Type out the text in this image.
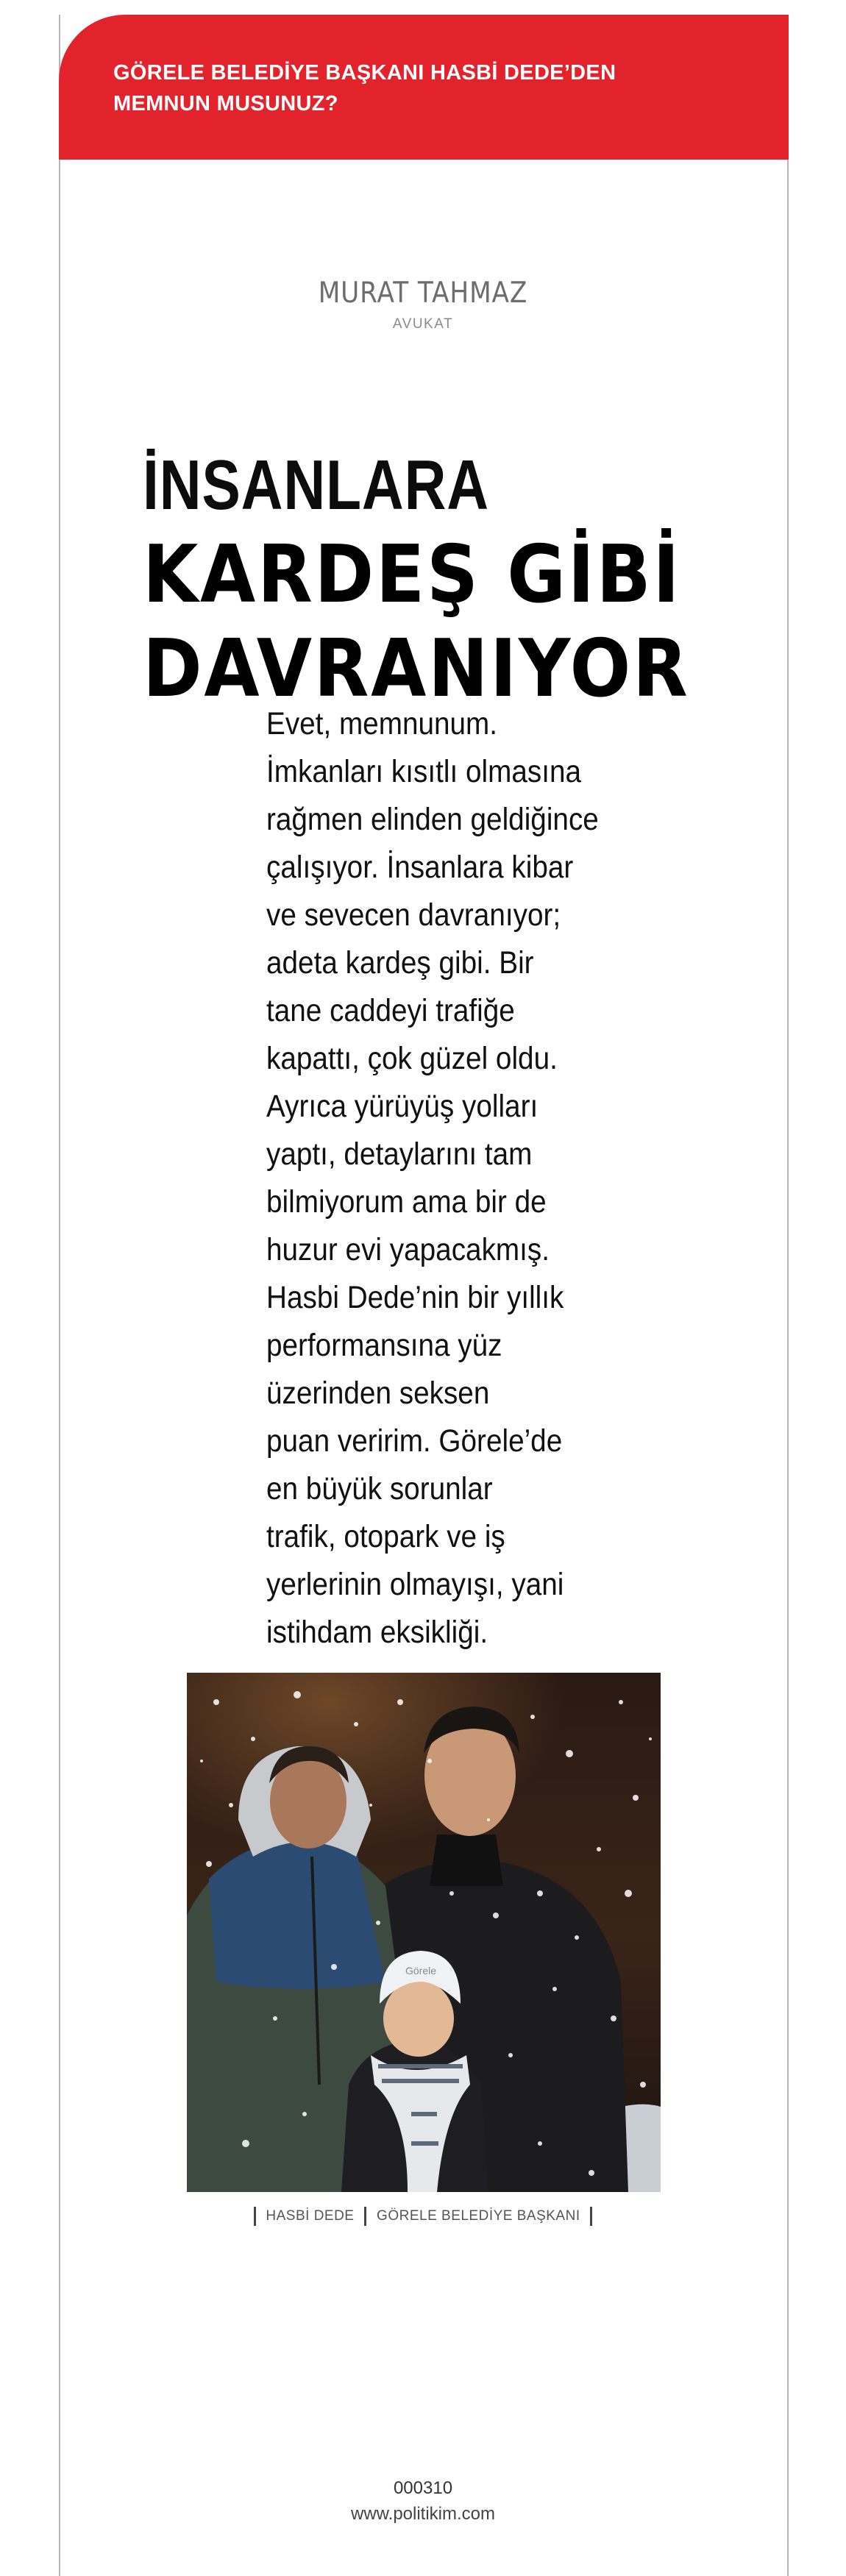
GÖRELE BELEDİYE BAŞKANI HASBİ DEDE’DEN
MEMNUN MUSUNUZ?
MURAT TAHMAZ
AVUKAT
İNSANLARA
KARDEŞ GİBİ
DAVRANIYOR
Evet, memnunum.
İmkanları kısıtlı olmasına
rağmen elinden geldiğince
çalışıyor. İnsanlara kibar
ve sevecen davranıyor;
adeta kardeş gibi. Bir
tane caddeyi trafiğe
kapattı, çok güzel oldu.
Ayrıca yürüyüş yolları
yaptı, detaylarını tam
bilmiyorum ama bir de
huzur evi yapacakmış.
Hasbi Dede’nin bir yıllık
performansına yüz
üzerinden seksen
puan veririm. Görele’de
en büyük sorunlar
trafik, otopark ve iş
yerlerinin olmayışı, yani
istihdam eksikliği.
Görele
HASBİ DEDE GÖRELE BELEDİYE BAŞKANI
000310
www.politikim.com
